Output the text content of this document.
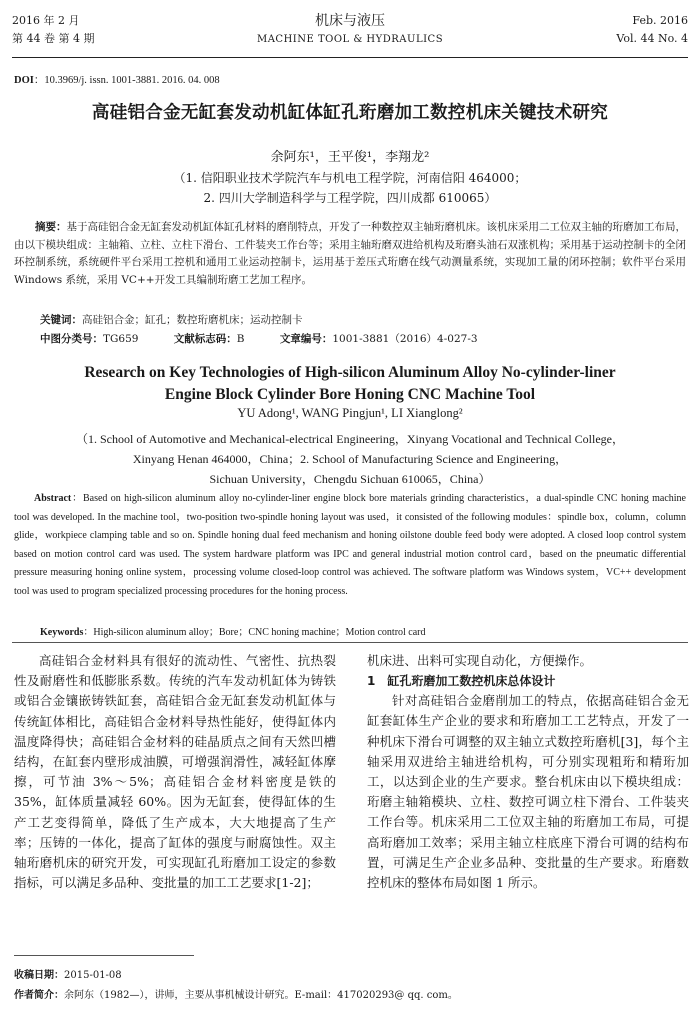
2016 年 2 月
第 44 卷 第 4 期
机床与液压
MACHINE TOOL & HYDRAULICS
Feb. 2016
Vol. 44 No. 4
DOI：10.3969/j. issn. 1001-3881. 2016. 04. 008
高硅铝合金无缸套发动机缸体缸孔珩磨加工数控机床关键技术研究
余阿东¹，王平俊¹，李翔龙²
（1. 信阳职业技术学院汽车与机电工程学院，河南信阳 464000；
2. 四川大学制造科学与工程学院，四川成都 610065）
摘要：基于高硅铝合金无缸套发动机缸体缸孔材料的磨削特点，开发了一种数控双主轴珩磨机床。该机床采用二工位双主轴的珩磨加工布局，由以下模块组成：主轴箱、立柱、立柱下滑台、工件装夹工作台等；采用主轴珩磨双进给机构及珩磨头油石双涨机构；采用基于运动控制卡的全闭环控制系统，系统硬件平台采用工控机和通用工业运动控制卡，运用基于差压式珩磨在线气动测量系统，实现加工量的闭环控制；软件平台采用 Windows 系统，采用 VC++开发工具编制珩磨工艺加工程序。
关键词：高硅铝合金；缸孔；数控珩磨机床；运动控制卡
中图分类号：TG659	文献标志码：B	文章编号：1001-3881（2016）4-027-3
Research on Key Technologies of High-silicon Aluminum Alloy No-cylinder-liner
Engine Block Cylinder Bore Honing CNC Machine Tool
YU Adong¹, WANG Pingjun¹, LI Xianglong²
（1. School of Automotive and Mechanical-electrical Engineering，Xinyang Vocational and Technical College，
Xinyang Henan 464000，China；2. School of Manufacturing Science and Engineering，
Sichuan University，Chengdu Sichuan 610065，China）
Abstract：Based on high-silicon aluminum alloy no-cylinder-liner engine block bore materials grinding characteristics，a dual-spindle CNC honing machine tool was developed. In the machine tool，two-position two-spindle honing layout was used，it consisted of the following modules：spindle box，column，column glide，workpiece clamping table and so on. Spindle honing dual feed mechanism and honing oilstone double feed body were adopted. A closed loop control system based on motion control card was used. The system hardware platform was IPC and general industrial motion control card，based on the pneumatic differential pressure measuring honing online system，processing volume closed-loop control was achieved. The software platform was Windows system，VC++ development tool was used to program specialized processing procedures for the honing process.
Keywords：High-silicon aluminum alloy；Bore；CNC honing machine；Motion control card

高硅铝合金材料具有很好的流动性、气密性、抗热裂性及耐磨性和低膨胀系数。传统的汽车发动机缸体为铸铁或铝合金镶嵌铸铁缸套，高硅铝合金无缸套发动机缸体与传统缸体相比，高硅铝合金材料导热性能好，使得缸体内温度降得快；高硅铝合金材料的硅晶质点之间有天然凹槽结构，在缸套内壁形成油膜，可增强润滑性，减轻缸体摩擦，可节油 3%～5%；高硅铝合金材料密度是铁的 35%，缸体质量减轻 60%。因为无缸套，使得缸体的生产工艺变得简单，降低了生产成本，大大地提高了生产率；压铸的一体化，提高了缸体的强度与耐腐蚀性。双主轴珩磨机床的研究开发，可实现缸孔珩磨加工设定的参数指标，可以满足多品种、变批量的加工工艺要求[1-2]；

机床进、出料可实现自动化，方便操作。

1　缸孔珩磨加工数控机床总体设计

针对高硅铝合金磨削加工的特点，依据高硅铝合金无缸套缸体生产企业的要求和珩磨加工工艺特点，开发了一种机床下滑台可调整的双主轴立式数控珩磨机[3]，每个主轴采用双进给主轴进给机构，可分别实现粗珩和精珩加工，以达到企业的生产要求。整台机床由以下模块组成：珩磨主轴箱模块、立柱、数控可调立柱下滑台、工件装夹工作台等。机床采用二工位双主轴的珩磨加工布局，可提高珩磨加工效率；采用主轴立柱底座下滑台可调的结构布置，可满足生产企业多品种、变批量的生产要求。珩磨数控机床的整体布局如图 1 所示。

收稿日期：2015-01-08
作者简介：余阿东（1982—），讲师，主要从事机械设计研究。E-mail：417020293@ qq. com。
